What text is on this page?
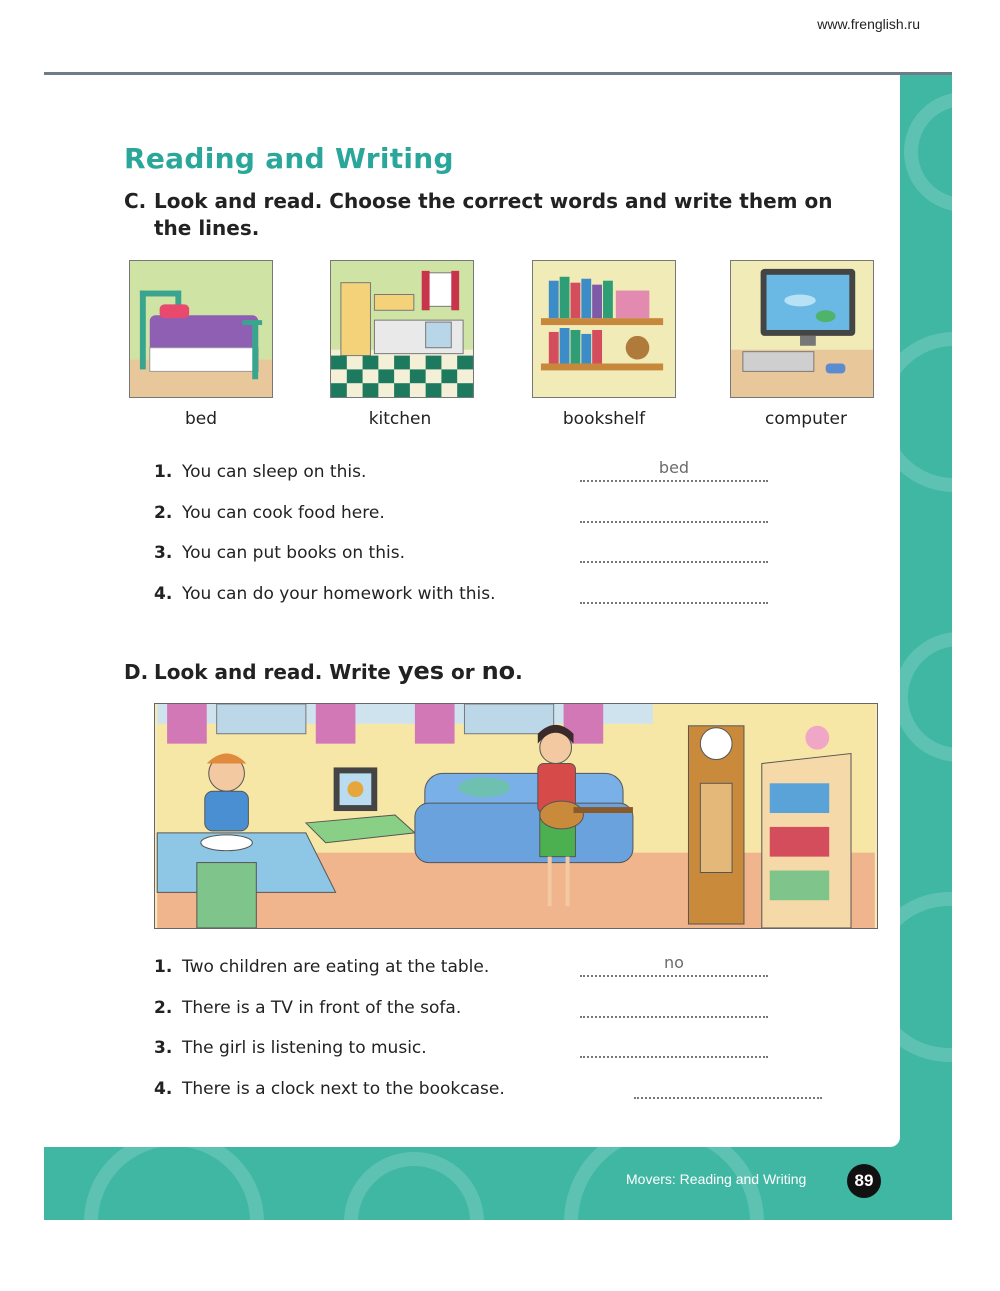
www.frenglish.ru
Reading and Writing
C. Look and read. Choose the correct words and write them on
the lines.
bed	kitchen	bookshelf	computer
1. You can sleep on this.	bed
2. You can cook food here.
3. You can put books on this.
4. You can do your homework with this.
D. Look and read. Write yes or no.
1. Two children are eating at the table.	no
2. There is a TV in front of the sofa.
3. The girl is listening to music.
4. There is a clock next to the bookcase.
Movers: Reading and Writing	89
